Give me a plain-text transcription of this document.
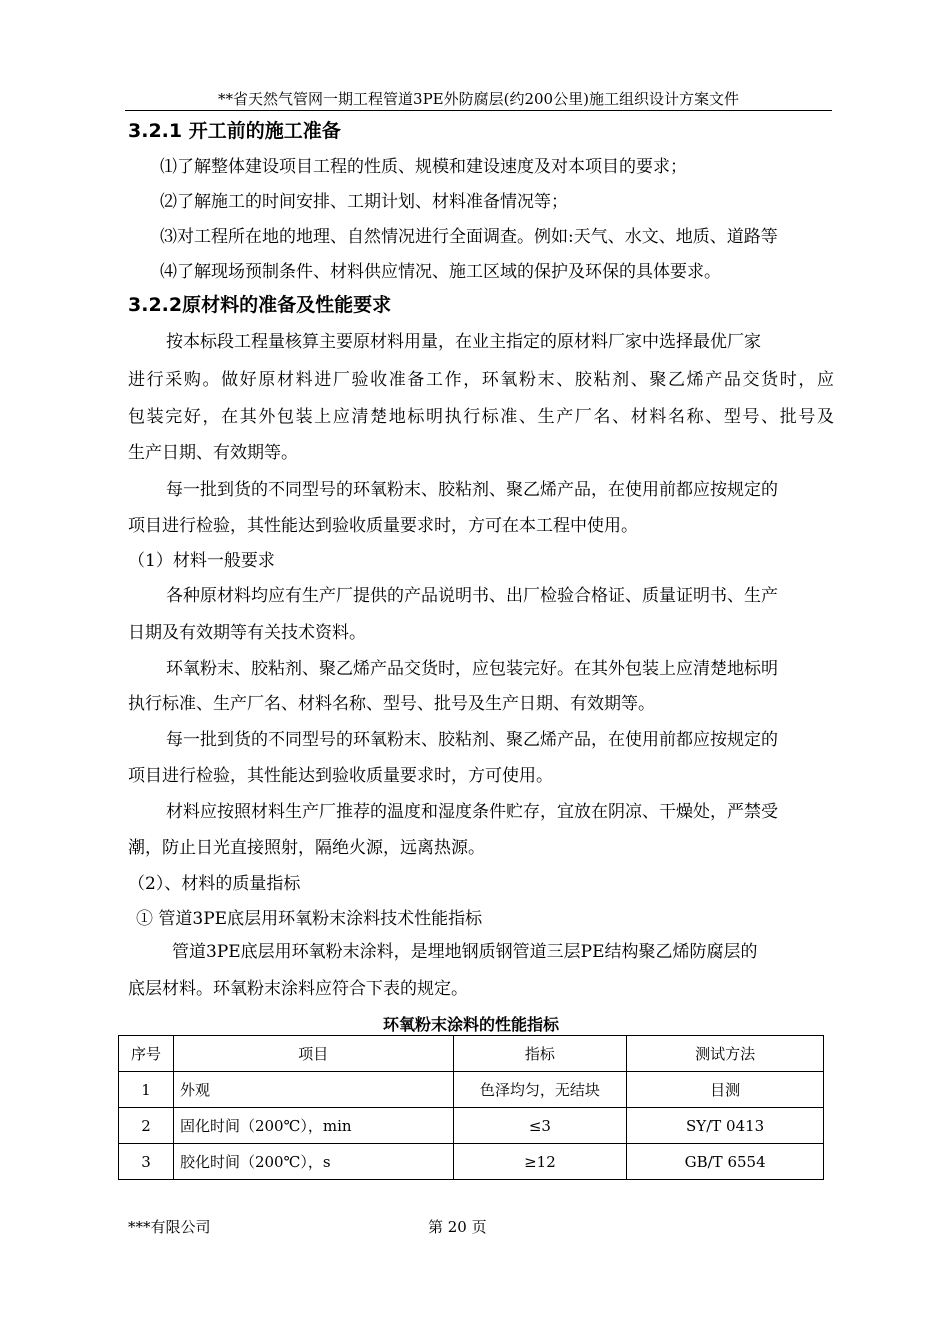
**省天然气管网一期工程管道3PE外防腐层(约200公里)施工组织设计方案文件
3.2.1 开工前的施工准备
⑴了解整体建设项目工程的性质、规模和建设速度及对本项目的要求；
⑵了解施工的时间安排、工期计划、材料准备情况等；
⑶对工程所在地的地理、自然情况进行全面调查。例如:天气、水文、地质、道路等
⑷了解现场预制条件、材料供应情况、施工区域的保护及环保的具体要求。
3.2.2原材料的准备及性能要求
按本标段工程量核算主要原材料用量，在业主指定的原材料厂家中选择最优厂家
进行采购。做好原材料进厂验收准备工作，环氧粉末、胶粘剂、聚乙烯产品交货时，应
包装完好，在其外包装上应清楚地标明执行标准、生产厂名、材料名称、型号、批号及
生产日期、有效期等。
每一批到货的不同型号的环氧粉末、胶粘剂、聚乙烯产品，在使用前都应按规定的
项目进行检验，其性能达到验收质量要求时，方可在本工程中使用。
（1）材料一般要求
各种原材料均应有生产厂提供的产品说明书、出厂检验合格证、质量证明书、生产
日期及有效期等有关技术资料。
环氧粉末、胶粘剂、聚乙烯产品交货时，应包装完好。在其外包装上应清楚地标明
执行标准、生产厂名、材料名称、型号、批号及生产日期、有效期等。
每一批到货的不同型号的环氧粉末、胶粘剂、聚乙烯产品，在使用前都应按规定的
项目进行检验，其性能达到验收质量要求时，方可使用。
材料应按照材料生产厂推荐的温度和湿度条件贮存，宜放在阴凉、干燥处，严禁受
潮，防止日光直接照射，隔绝火源，远离热源。
（2）、材料的质量指标
① 管道3PE底层用环氧粉末涂料技术性能指标
管道3PE底层用环氧粉末涂料，是埋地钢质钢管道三层PE结构聚乙烯防腐层的
底层材料。环氧粉末涂料应符合下表的规定。
环氧粉末涂料的性能指标
序号	项目	指标	测试方法
1	外观	色泽均匀，无结块	目测
2	固化时间（200℃），min	≤3	SY/T 0413
3	胶化时间（200℃），s	≥12	GB/T 6554
***有限公司	第 20 页
